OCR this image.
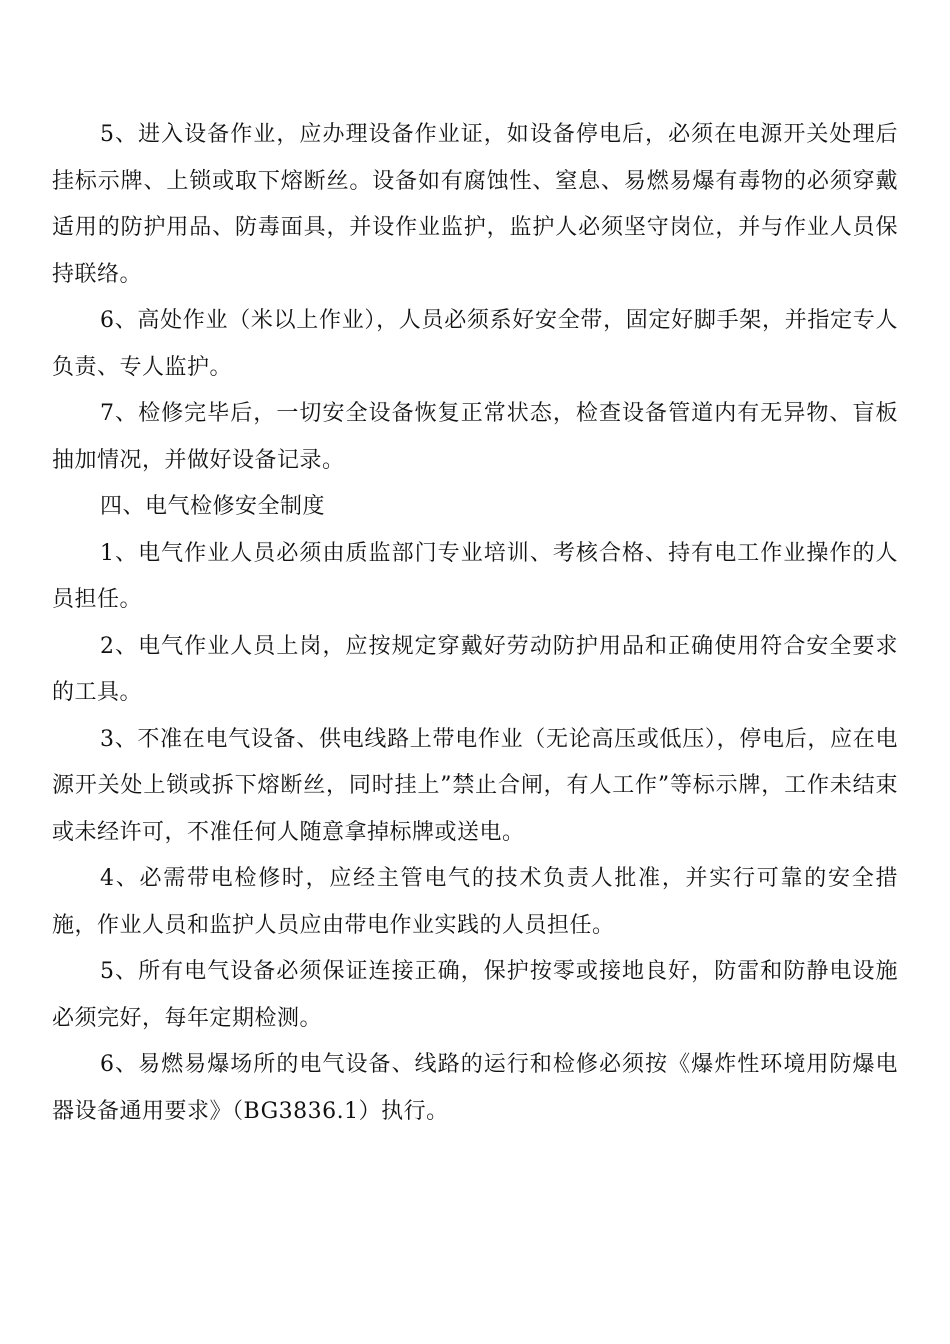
5、进入设备作业，应办理设备作业证，如设备停电后，必须在电源开关处理后挂标示牌、上锁或取下熔断丝。设备如有腐蚀性、窒息、易燃易爆有毒物的必须穿戴适用的防护用品、防毒面具，并设作业监护，监护人必须坚守岗位，并与作业人员保持联络。

6、高处作业（米以上作业），人员必须系好安全带，固定好脚手架，并指定专人负责、专人监护。

7、检修完毕后，一切安全设备恢复正常状态，检查设备管道内有无异物、盲板抽加情况，并做好设备记录。

四、电气检修安全制度

1、电气作业人员必须由质监部门专业培训、考核合格、持有电工作业操作的人员担任。

2、电气作业人员上岗，应按规定穿戴好劳动防护用品和正确使用符合安全要求的工具。

3、不准在电气设备、供电线路上带电作业（无论高压或低压），停电后，应在电源开关处上锁或拆下熔断丝，同时挂上”禁止合闸，有人工作”等标示牌，工作未结束或未经许可，不准任何人随意拿掉标牌或送电。

4、必需带电检修时，应经主管电气的技术负责人批准，并实行可靠的安全措施，作业人员和监护人员应由带电作业实践的人员担任。

5、所有电气设备必须保证连接正确，保护按零或接地良好，防雷和防静电设施必须完好，每年定期检测。

6、易燃易爆场所的电气设备、线路的运行和检修必须按《爆炸性环境用防爆电器设备通用要求》（BG3836.1）执行。
